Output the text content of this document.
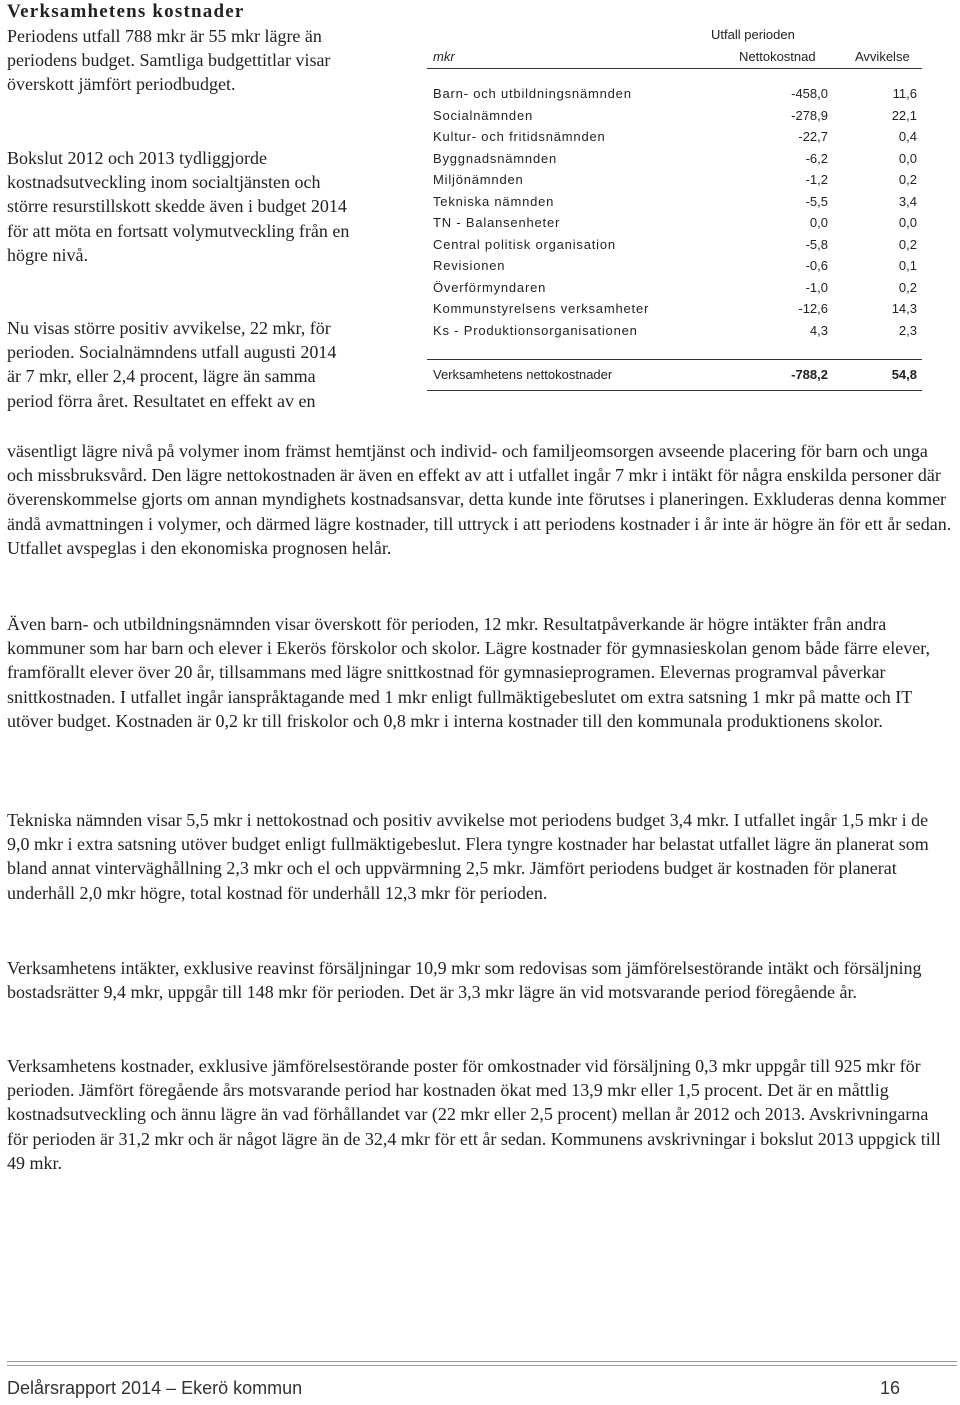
Verksamhetens kostnader

Periodens utfall 788 mkr är 55 mkr lägre än periodens budget. Samtliga budgettitlar visar överskott jämfört periodbudget.

Bokslut 2012 och 2013 tydliggjorde kostnadsutveckling inom socialtjänsten och större resurstillskott skedde även i budget 2014 för att möta en fortsatt volymutveckling från en högre nivå.

Nu visas större positiv avvikelse, 22 mkr, för perioden. Socialnämndens utfall augusti 2014 är 7 mkr, eller 2,4 procent, lägre än samma period förra året. Resultatet en effekt av en

väsentligt lägre nivå på volymer inom främst hemtjänst och individ- och familjeomsorgen avseende placering för barn och unga och missbruksvård. Den lägre nettokostnaden är även en effekt av att i utfallet ingår 7 mkr i intäkt för några enskilda personer där överenskommelse gjorts om annan myndighets kostnadsansvar, detta kunde inte förutses i planeringen. Exkluderas denna kommer ändå avmattningen i volymer, och därmed lägre kostnader, till uttryck i att periodens kostnader i år inte är högre än för ett år sedan. Utfallet avspeglas i den ekonomiska prognosen helår.

Även barn- och utbildningsnämnden visar överskott för perioden, 12 mkr. Resultatpåverkande är högre intäkter från andra kommuner som har barn och elever i Ekerös förskolor och skolor. Lägre kostnader för gymnasieskolan genom både färre elever, framförallt elever över 20 år, tillsammans med lägre snittkostnad för gymnasieprogramen. Elevernas programval påverkar snittkostnaden. I utfallet ingår ianspråktagande med 1 mkr enligt fullmäktigebeslutet om extra satsning 1 mkr på matte och IT utöver budget. Kostnaden är 0,2 kr till friskolor och 0,8 mkr i interna kostnader till den kommunala produktionens skolor.

Tekniska nämnden visar 5,5 mkr i nettokostnad och positiv avvikelse mot periodens budget 3,4 mkr. I utfallet ingår 1,5 mkr i de 9,0 mkr i extra satsning utöver budget enligt fullmäktigebeslut. Flera tyngre kostnader har belastat utfallet lägre än planerat som bland annat vinterväghållning 2,3 mkr och el och uppvärmning 2,5 mkr. Jämfört periodens budget är kostnaden för planerat underhåll 2,0 mkr högre, total kostnad för underhåll 12,3 mkr för perioden.

Verksamhetens intäkter, exklusive reavinst försäljningar 10,9 mkr som redovisas som jämförelsestörande intäkt och försäljning bostadsrätter 9,4 mkr, uppgår till 148 mkr för perioden. Det är 3,3 mkr lägre än vid motsvarande period föregående år.

Verksamhetens kostnader, exklusive jämförelsestörande poster för omkostnader vid försäljning 0,3 mkr uppgår till 925 mkr för perioden. Jämfört föregående års motsvarande period har kostnaden ökat med 13,9 mkr eller 1,5 procent. Det är en måttlig kostnadsutveckling och ännu lägre än vad förhållandet var (22 mkr eller 2,5 procent) mellan år 2012 och 2013. Avskrivningarna för perioden är 31,2 mkr och är något lägre än de 32,4 mkr för ett år sedan. Kommunens avskrivningar i bokslut 2013 uppgick till 49 mkr.

Utfall perioden
mkr	Nettokostnad	Avvikelse
Barn- och utbildningsnämnden	-458,0	11,6
Socialnämnden	-278,9	22,1
Kultur- och fritidsnämnden	-22,7	0,4
Byggnadsnämnden	-6,2	0,0
Miljönämnden	-1,2	0,2
Tekniska nämnden	-5,5	3,4
TN - Balansenheter	0,0	0,0
Central politisk organisation	-5,8	0,2
Revisionen	-0,6	0,1
Överförmyndaren	-1,0	0,2
Kommunstyrelsens verksamheter	-12,6	14,3
Ks - Produktionsorganisationen	4,3	2,3
Verksamhetens nettokostnader	-788,2	54,8
Delårsrapport 2014 – Ekerö kommun	16
